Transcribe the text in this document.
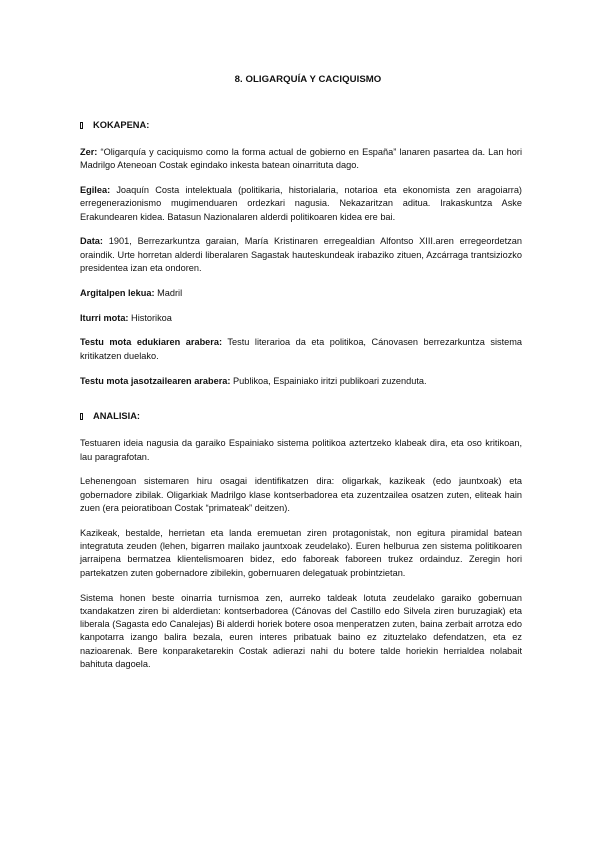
8. OLIGARQUÍA Y CACIQUISMO
KOKAPENA:

Zer: “Oligarquía y caciquismo como la forma actual de gobierno en España” lanaren pasartea da. Lan hori Madrilgo Ateneoan Costak egindako inkesta batean oinarrituta dago.

Egilea: Joaquín Costa intelektuala (politikaria, historialaria, notarioa eta ekonomista zen aragoiarra) erregenerazionismo mugimenduaren ordezkari nagusia. Nekazaritzan aditua. Irakaskuntza Aske Erakundearen kidea. Batasun Nazionalaren alderdi politikoaren kidea ere bai.

Data: 1901, Berrezarkuntza garaian, María Kristinaren erregealdian Alfontso XIII.aren erregeordetzan oraindik. Urte horretan alderdi liberalaren Sagastak hauteskundeak irabaziko zituen, Azcárraga trantsiziozko presidentea izan eta ondoren.

Argitalpen lekua: Madril

Iturri mota: Historikoa

Testu mota edukiaren arabera: Testu literarioa da eta politikoa, Cánovasen berrezarkuntza sistema kritikatzen duelako.

Testu mota jasotzailearen arabera: Publikoa, Espainiako iritzi publikoari zuzenduta.

ANALISIA:

Testuaren ideia nagusia da garaiko Espainiako sistema politikoa aztertzeko klabeak dira, eta oso kritikoan, lau paragrafotan.

Lehenengoan sistemaren hiru osagai identifikatzen dira: oligarkak, kazikeak (edo jauntxoak) eta gobernadore zibilak. Oligarkiak Madrilgo klase kontserbadorea eta zuzentzailea osatzen zuten, eliteak hain zuen (era peioratiboan Costak “primateak” deitzen).

Kazikeak, bestalde, herrietan eta landa eremuetan ziren protagonistak, non egitura piramidal batean integratuta zeuden (lehen, bigarren mailako jauntxoak zeudelako). Euren helburua zen sistema politikoaren jarraipena bermatzea klientelismoaren bidez, edo faboreak faboreen trukez ordainduz. Zeregin hori partekatzen zuten gobernadore zibilekin, gobernuaren delegatuak probintzietan.

Sistema honen beste oinarria turnismoa zen, aurreko taldeak lotuta zeudelako garaiko gobernuan txandakatzen ziren bi alderdietan: kontserbadorea (Cánovas del Castillo edo Silvela ziren buruzagiak) eta liberala (Sagasta edo Canalejas) Bi alderdi horiek botere osoa menperatzen zuten, baina zerbait arrotza edo kanpotarra izango balira bezala, euren interes pribatuak baino ez zituztelako defendatzen, eta ez nazioarenak. Bere konparaketarekin Costak adierazi nahi du botere talde horiekin herrialdea nolabait bahituta dagoela.
